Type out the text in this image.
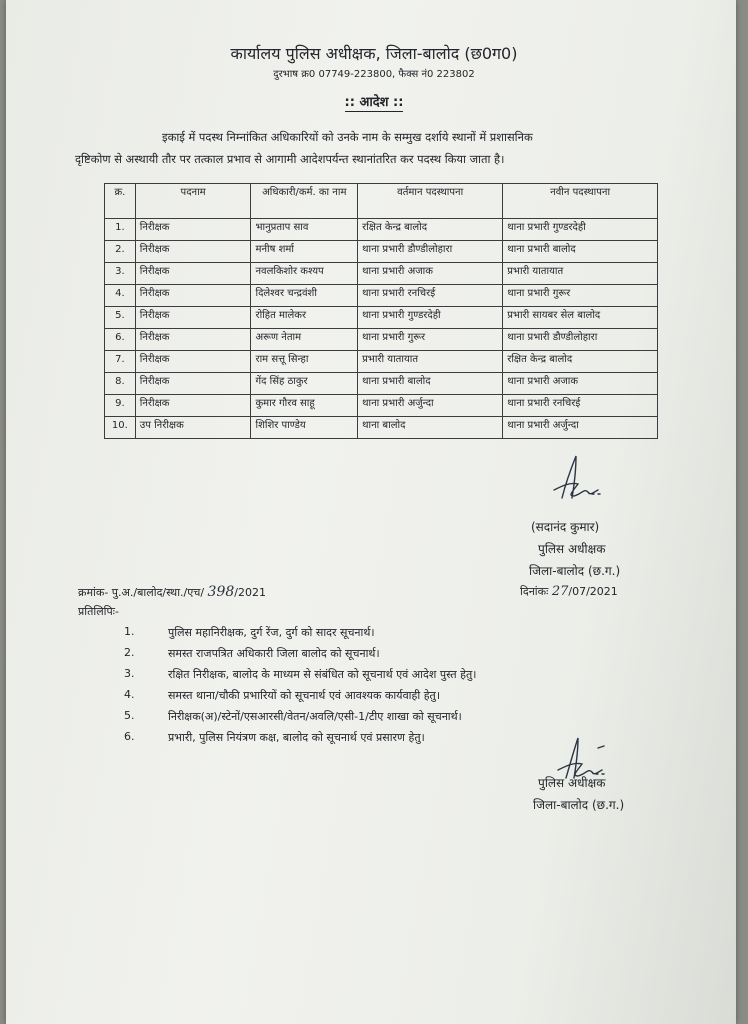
कार्यालय पुलिस अधीक्षक, जिला-बालोद (छ0ग0)
दुरभाष क्र0 07749-223800, फैक्स नं0 223802
:: आदेश ::
इकाई में पदस्थ निम्नांकित अधिकारियों को उनके नाम के सम्मुख दर्शाये स्थानों में प्रशासनिक
दृष्टिकोण से अस्थायी तौर पर तत्काल प्रभाव से आगामी आदेशपर्यन्त स्थानांतरित कर पदस्थ किया जाता है।
क्र.	पदनाम	अधिकारी/कर्म. का नाम	वर्तमान पदस्थापना	नवीन पदस्थापना
1.	निरीक्षक	भानुप्रताप साव	रक्षित केन्द्र बालोद	थाना प्रभारी गुण्डरदेही
2.	निरीक्षक	मनीष शर्मा	थाना प्रभारी डौण्डीलोहारा	थाना प्रभारी बालोद
3.	निरीक्षक	नवलकिशोर कश्यप	थाना प्रभारी अजाक	प्रभारी यातायात
4.	निरीक्षक	दिलेश्वर चन्द्रवंशी	थाना प्रभारी रनचिरई	थाना प्रभारी गुरूर
5.	निरीक्षक	रोहित मालेकर	थाना प्रभारी गुण्डरदेही	प्रभारी सायबर सेल बालोद
6.	निरीक्षक	अरूण नेताम	थाना प्रभारी गुरूर	थाना प्रभारी डौण्डीलोहारा
7.	निरीक्षक	राम सत्तू सिन्हा	प्रभारी यातायात	रक्षित केन्द्र बालोद
8.	निरीक्षक	गेंद सिंह ठाकुर	थाना प्रभारी बालोद	थाना प्रभारी अजाक
9.	निरीक्षक	कुमार गौरव साहू	थाना प्रभारी अर्जुन्दा	थाना प्रभारी रनचिरई
10.	उप निरीक्षक	शिशिर पाण्डेय	थाना बालोद	थाना प्रभारी अर्जुन्दा
(सदानंद कुमार)
पुलिस अधीक्षक
जिला-बालोद (छ.ग.)
क्रमांक- पु.अ./बालोद/स्था./एच/ 398/2021	दिनांकः 27/07/2021
प्रतिलिपिः-
1.	पुलिस महानिरीक्षक, दुर्ग रेंज, दुर्ग को सादर सूचनार्थ।
2.	समस्त राजपत्रित अधिकारी जिला बालोद को सूचनार्थ।
3.	रक्षित निरीक्षक, बालोद के माध्यम से संबंधित को सूचनार्थ एवं आदेश पुस्त हेतु।
4.	समस्त थाना/चौकी प्रभारियों को सूचनार्थ एवं आवश्यक कार्यवाही हेतु।
5.	निरीक्षक(अ)/स्टेनों/एसआरसी/वेतन/अवलि/एसी-1/टीए शाखा को सूचनार्थ।
6.	प्रभारी, पुलिस नियंत्रण कक्ष, बालोद को सूचनार्थ एवं प्रसारण हेतु।
पुलिस अधीक्षक
जिला-बालोद (छ.ग.)
